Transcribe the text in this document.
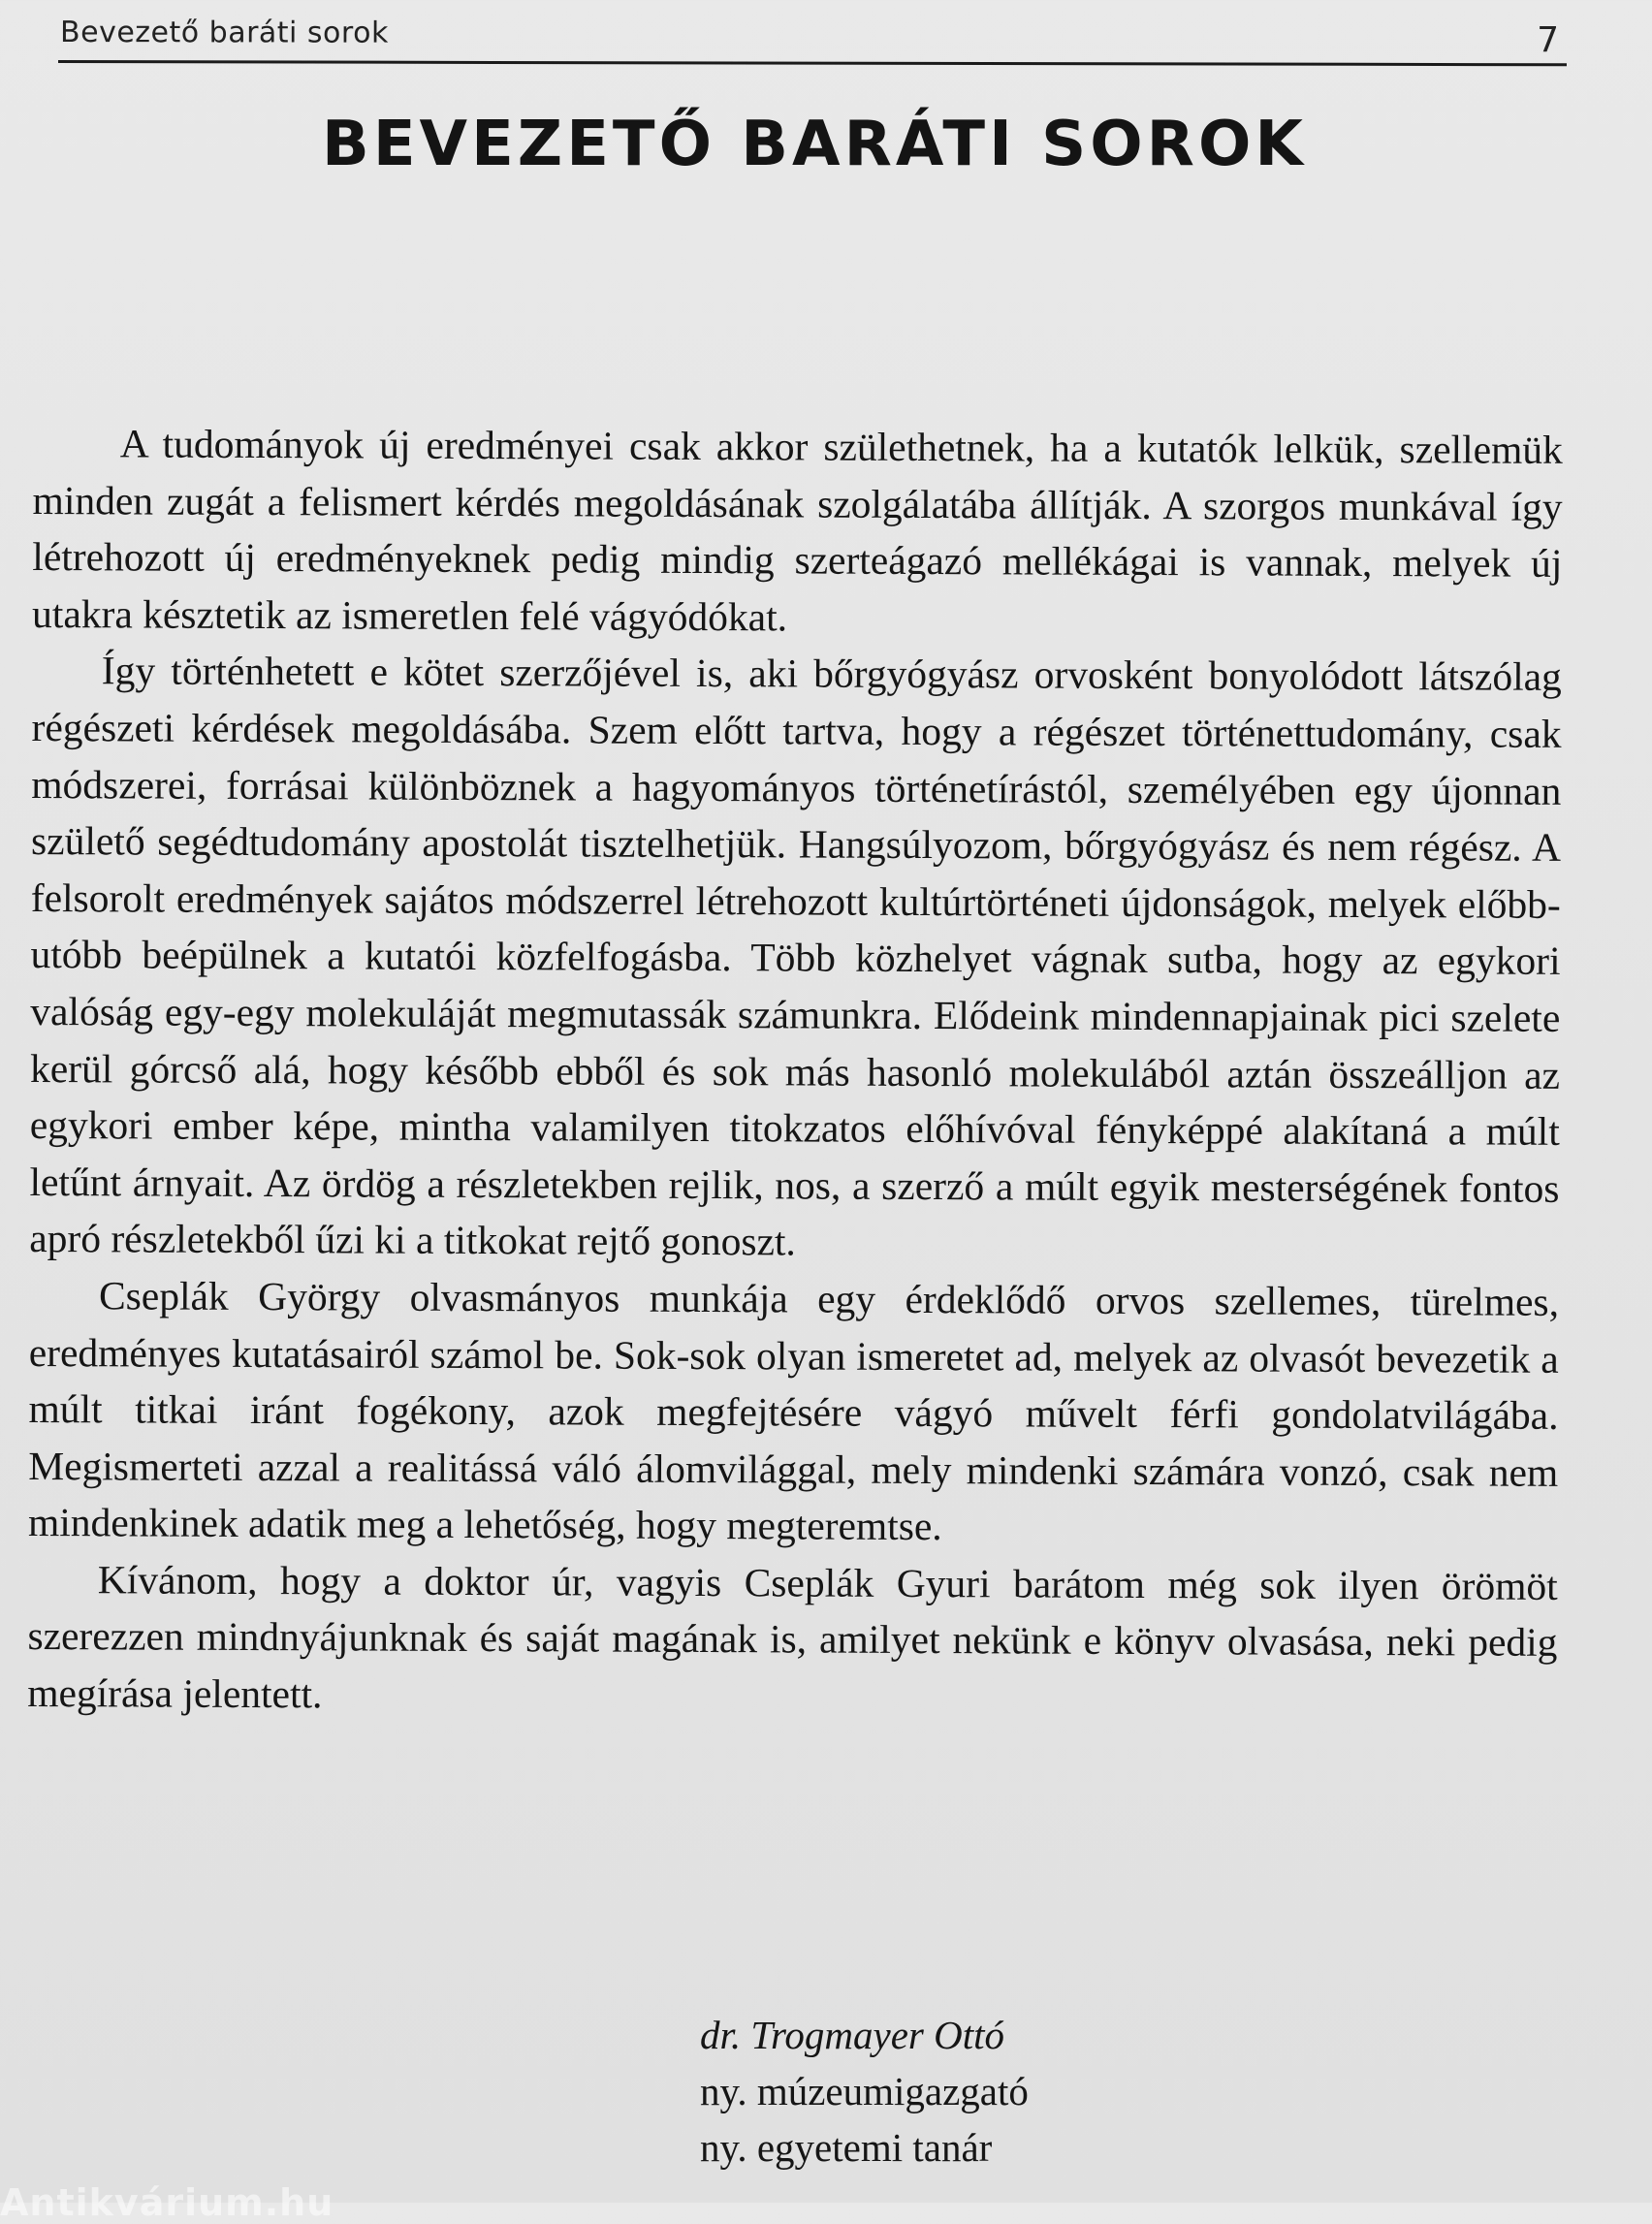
Bevezető baráti sorok	7
BEVEZETŐ BARÁTI SOROK

A tudományok új eredményei csak akkor születhetnek, ha a kutatók lelkük, szellemük minden zugát a felismert kérdés megoldásának szolgálatába állítják. A szorgos munkával így létrehozott új eredményeknek pedig mindig szerteágazó mellékágai is vannak, melyek új utakra késztetik az ismeretlen felé vágyódókat.

Így történhetett e kötet szerzőjével is, aki bőrgyógyász orvosként bonyolódott látszólag régészeti kérdések megoldásába. Szem előtt tartva, hogy a régészet történettudomány, csak módszerei, forrásai különböznek a hagyományos történetírástól, személyében egy újonnan születő segédtudomány apostolát tisztelhetjük. Hangsúlyozom, bőrgyógyász és nem régész. A felsorolt eredmények sajátos módszerrel létrehozott kultúrtörténeti újdonságok, melyek előbb-utóbb beépülnek a kutatói közfelfogásba. Több közhelyet vágnak sutba, hogy az egykori valóság egy-egy molekuláját megmutassák számunkra. Elődeink mindennapjainak pici szelete kerül górcső alá, hogy később ebből és sok más hasonló molekulából aztán összeálljon az egykori ember képe, mintha valamilyen titokzatos előhívóval fényképpé alakítaná a múlt letűnt árnyait. Az ördög a részletekben rejlik, nos, a szerző a múlt egyik mesterségének fontos apró részletekből űzi ki a titkokat rejtő gonoszt.

Cseplák György olvasmányos munkája egy érdeklődő orvos szellemes, türelmes, eredményes kutatásairól számol be. Sok-sok olyan ismeretet ad, melyek az olvasót bevezetik a múlt titkai iránt fogékony, azok megfejtésére vágyó művelt férfi gondolatvilágába. Megismerteti azzal a realitássá váló álomvilággal, mely mindenki számára vonzó, csak nem mindenkinek adatik meg a lehetőség, hogy megteremtse.

Kívánom, hogy a doktor úr, vagyis Cseplák Gyuri barátom még sok ilyen örömöt szerezzen mindnyájunknak és saját magának is, amilyet nekünk e könyv olvasása, neki pedig megírása jelentett.

dr. Trogmayer Ottó
ny. múzeumigazgató
ny. egyetemi tanár
Antikvárium.hu
